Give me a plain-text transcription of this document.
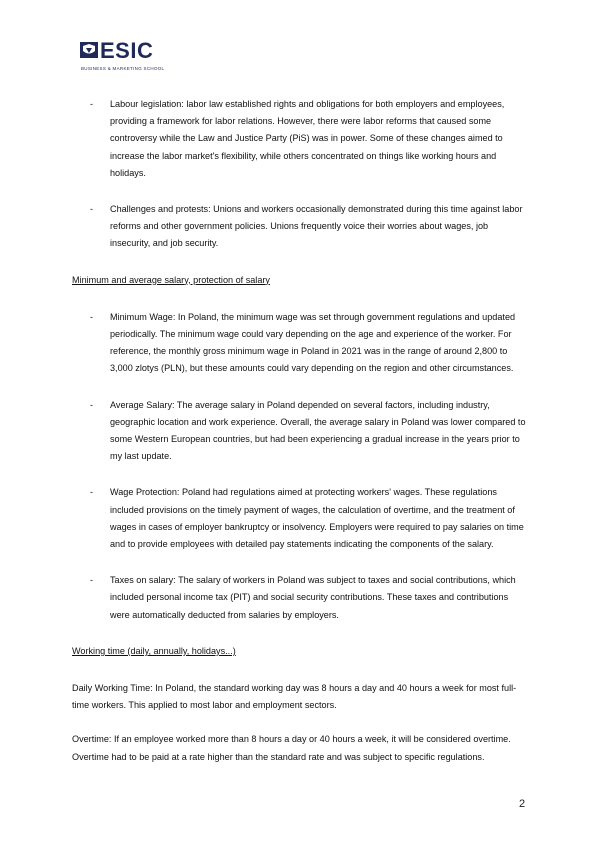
ESIC
BUSINESS & MARKETING SCHOOL

- Labour legislation: labor law established rights and obligations for both employers and employees, providing a framework for labor relations. However, there were labor reforms that caused some controversy while the Law and Justice Party (PiS) was in power. Some of these changes aimed to increase the labor market's flexibility, while others concentrated on things like working hours and holidays.

- Challenges and protests: Unions and workers occasionally demonstrated during this time against labor reforms and other government policies. Unions frequently voice their worries about wages, job insecurity, and job security.

Minimum and average salary, protection of salary

- Minimum Wage: In Poland, the minimum wage was set through government regulations and updated periodically. The minimum wage could vary depending on the age and experience of the worker. For reference, the monthly gross minimum wage in Poland in 2021 was in the range of around 2,800 to 3,000 zlotys (PLN), but these amounts could vary depending on the region and other circumstances.

- Average Salary: The average salary in Poland depended on several factors, including industry, geographic location and work experience. Overall, the average salary in Poland was lower compared to some Western European countries, but had been experiencing a gradual increase in the years prior to my last update.

- Wage Protection: Poland had regulations aimed at protecting workers' wages. These regulations included provisions on the timely payment of wages, the calculation of overtime, and the treatment of wages in cases of employer bankruptcy or insolvency. Employers were required to pay salaries on time and to provide employees with detailed pay statements indicating the components of the salary.

- Taxes on salary: The salary of workers in Poland was subject to taxes and social contributions, which included personal income tax (PIT) and social security contributions. These taxes and contributions were automatically deducted from salaries by employers.

Working time (daily, annually, holidays...)

Daily Working Time: In Poland, the standard working day was 8 hours a day and 40 hours a week for most full-time workers. This applied to most labor and employment sectors.

Overtime: If an employee worked more than 8 hours a day or 40 hours a week, it will be considered overtime. Overtime had to be paid at a rate higher than the standard rate and was subject to specific regulations.

2
